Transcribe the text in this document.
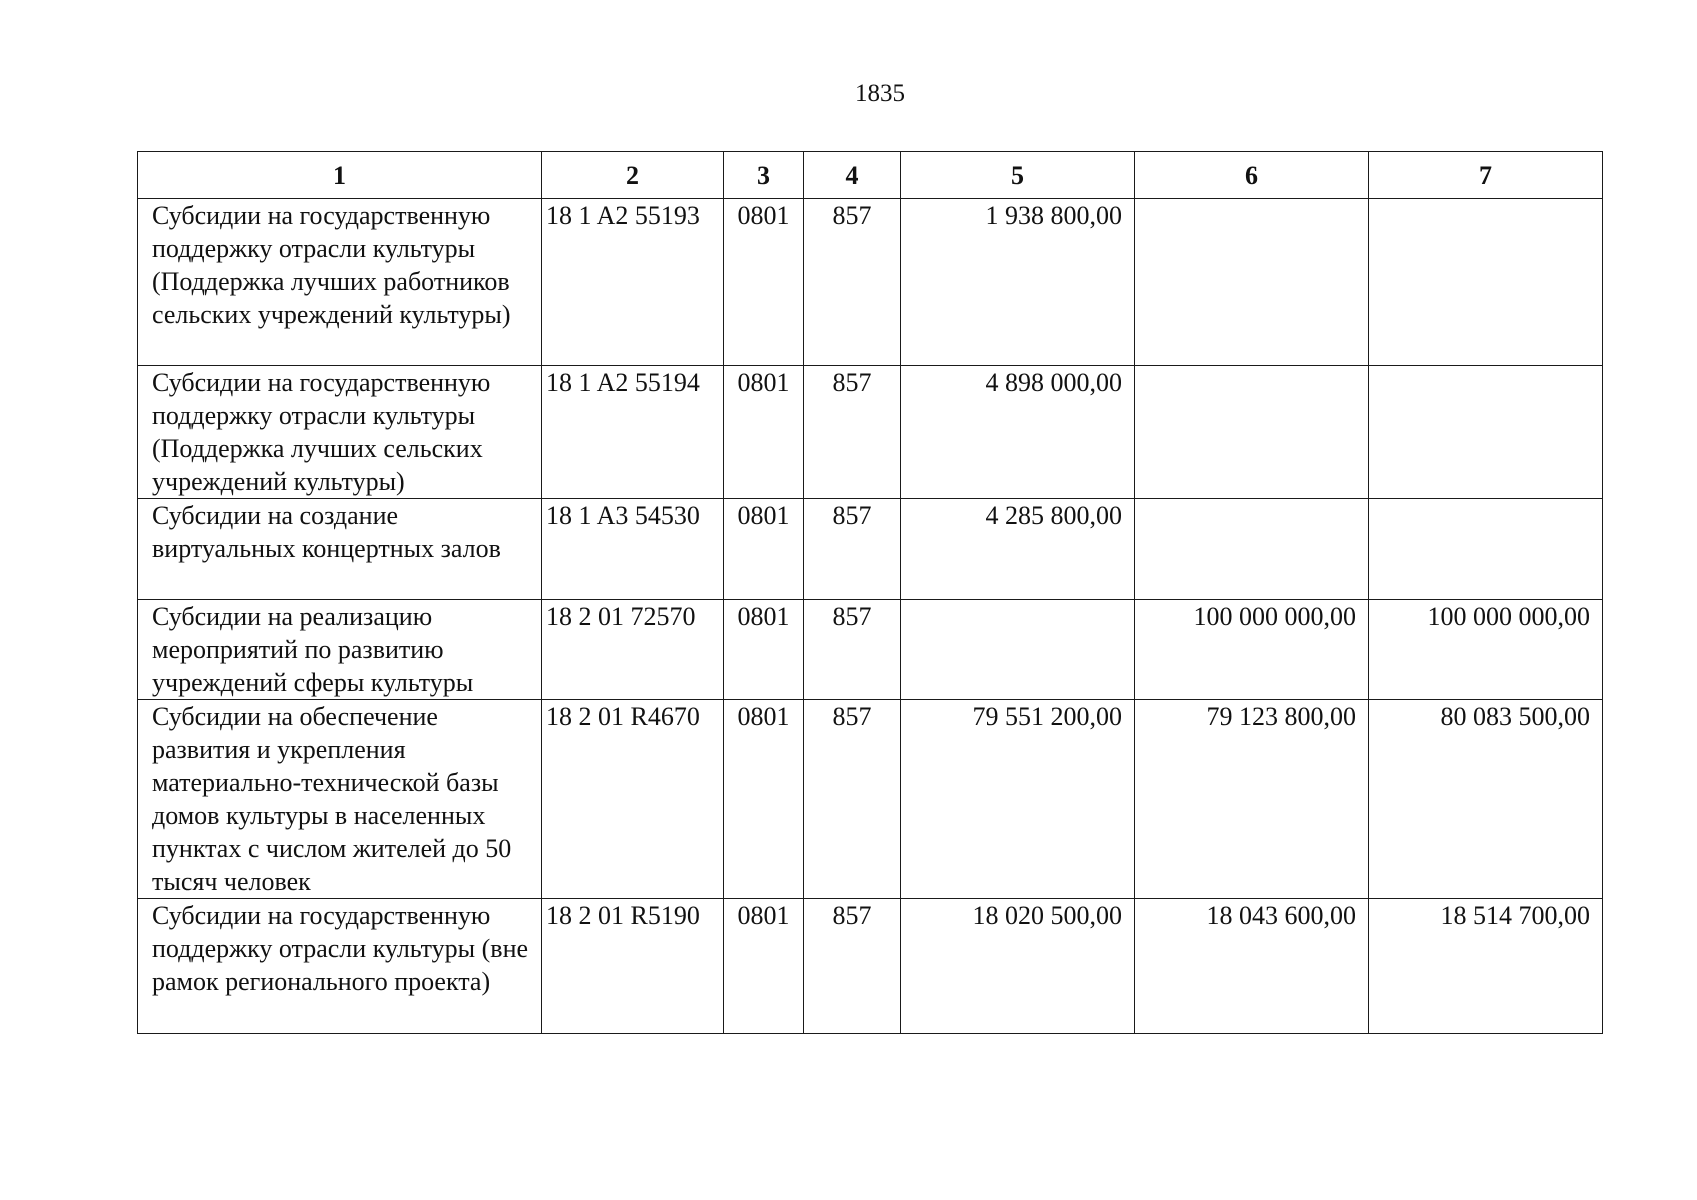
1835
1	2	3	4	5	6	7
Субсидии на государственную поддержку отрасли культуры (Поддержка лучших работников сельских учреждений культуры)	18 1 A2 55193	0801	857	1 938 800,00		
Субсидии на государственную поддержку отрасли культуры (Поддержка лучших сельских учреждений культуры)	18 1 A2 55194	0801	857	4 898 000,00		
Субсидии на создание виртуальных концертных залов	18 1 A3 54530	0801	857	4 285 800,00		
Субсидии на реализацию мероприятий по развитию учреждений сферы культуры	18 2 01 72570	0801	857		100 000 000,00	100 000 000,00
Субсидии на обеспечение развития и укрепления материально-технической базы домов культуры в населенных пунктах с числом жителей до 50 тысяч человек	18 2 01 R4670	0801	857	79 551 200,00	79 123 800,00	80 083 500,00
Субсидии на государственную поддержку отрасли культуры (вне рамок регионального проекта)	18 2 01 R5190	0801	857	18 020 500,00	18 043 600,00	18 514 700,00
